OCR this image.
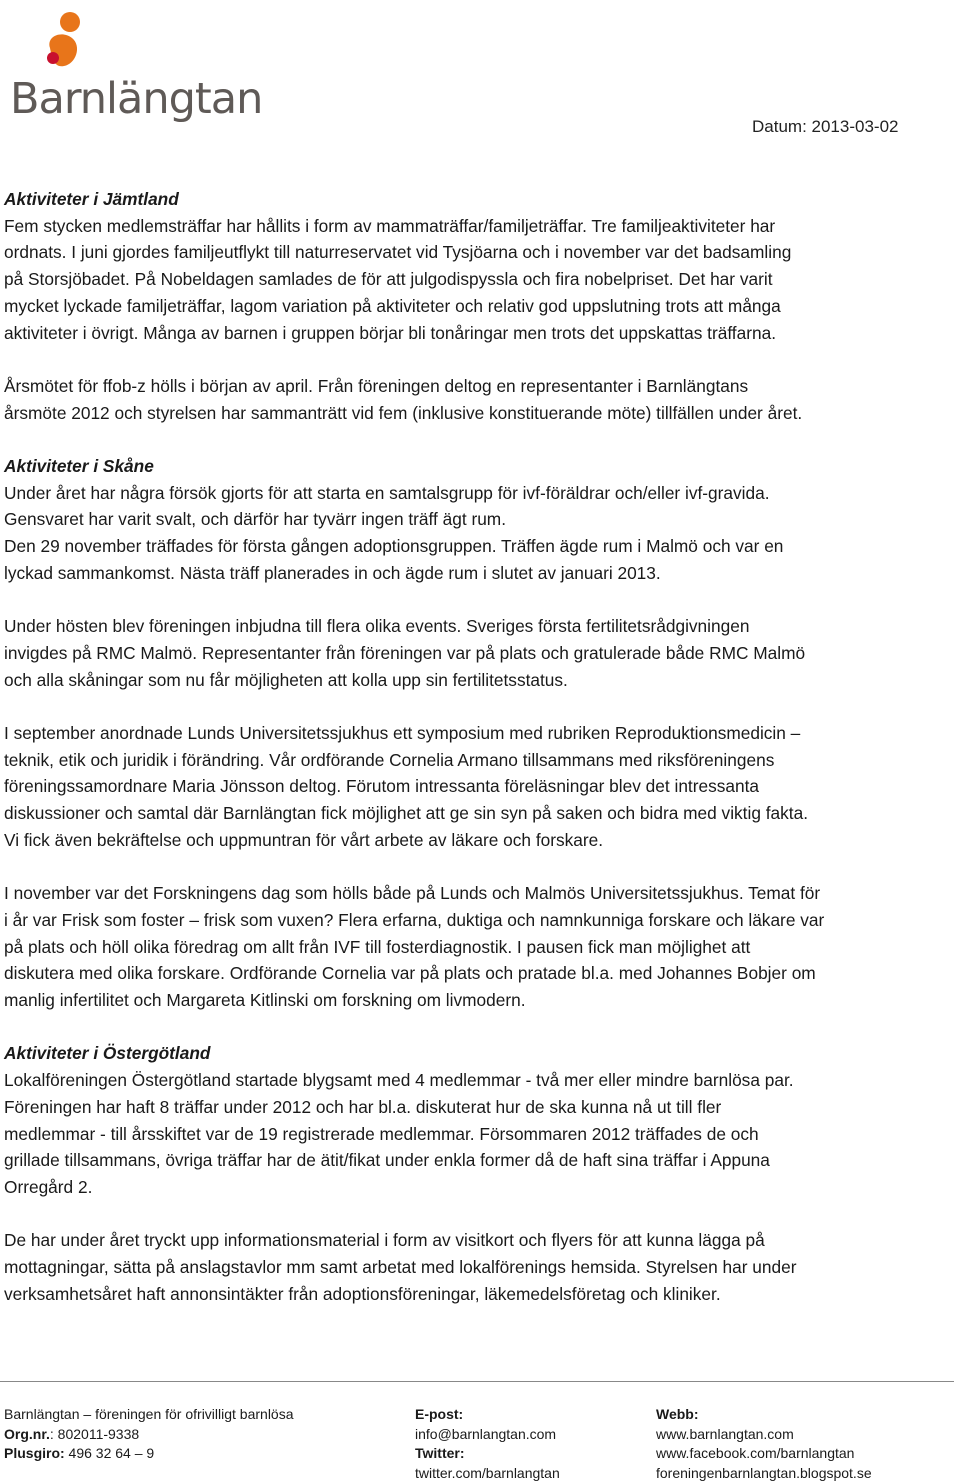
Barnlängtan
Datum: 2013-03-02

Aktiviteter i Jämtland
Fem stycken medlemsträffar har hållits i form av mammaträffar/familjeträffar. Tre familjeaktiviteter har
ordnats. I juni gjordes familjeutflykt till naturreservatet vid Tysjöarna och i november var det badsamling
på Storsjöbadet. På Nobeldagen samlades de för att julgodispyssla och fira nobelpriset. Det har varit
mycket lyckade familjeträffar, lagom variation på aktiviteter och relativ god uppslutning trots att många
aktiviteter i övrigt. Många av barnen i gruppen börjar bli tonåringar men trots det uppskattas träffarna.

Årsmötet för ffob-z hölls i början av april. Från föreningen deltog en representanter i Barnlängtans
årsmöte 2012 och styrelsen har sammanträtt vid fem (inklusive konstituerande möte) tillfällen under året.

Aktiviteter i Skåne
Under året har några försök gjorts för att starta en samtalsgrupp för ivf-föräldrar och/eller ivf-gravida.
Gensvaret har varit svalt, och därför har tyvärr ingen träff ägt rum.
Den 29 november träffades för första gången adoptionsgruppen. Träffen ägde rum i Malmö och var en
lyckad sammankomst. Nästa träff planerades in och ägde rum i slutet av januari 2013.

Under hösten blev föreningen inbjudna till flera olika events. Sveriges första fertilitetsrådgivningen
invigdes på RMC Malmö. Representanter från föreningen var på plats och gratulerade både RMC Malmö
och alla skåningar som nu får möjligheten att kolla upp sin fertilitetsstatus.

I september anordnade Lunds Universitetssjukhus ett symposium med rubriken Reproduktionsmedicin –
teknik, etik och juridik i förändring. Vår ordförande Cornelia Armano tillsammans med riksföreningens
föreningssamordnare Maria Jönsson deltog. Förutom intressanta föreläsningar blev det intressanta
diskussioner och samtal där Barnlängtan fick möjlighet att ge sin syn på saken och bidra med viktig fakta.
Vi fick även bekräftelse och uppmuntran för vårt arbete av läkare och forskare.

I november var det Forskningens dag som hölls både på Lunds och Malmös Universitetssjukhus. Temat för
i år var Frisk som foster – frisk som vuxen? Flera erfarna, duktiga och namnkunniga forskare och läkare var
på plats och höll olika föredrag om allt från IVF till fosterdiagnostik. I pausen fick man möjlighet att
diskutera med olika forskare. Ordförande Cornelia var på plats och pratade bl.a. med Johannes Bobjer om
manlig infertilitet och Margareta Kitlinski om forskning om livmodern.

Aktiviteter i Östergötland
Lokalföreningen Östergötland startade blygsamt med 4 medlemmar - två mer eller mindre barnlösa par.
Föreningen har haft 8 träffar under 2012 och har bl.a. diskuterat hur de ska kunna nå ut till fler
medlemmar - till årsskiftet var de 19 registrerade medlemmar. Försommaren 2012 träffades de och
grillade tillsammans, övriga träffar har de ätit/fikat under enkla former då de haft sina träffar i Appuna
Orregård 2.

De har under året tryckt upp informationsmaterial i form av visitkort och flyers för att kunna lägga på
mottagningar, sätta på anslagstavlor mm samt arbetat med lokalförenings hemsida. Styrelsen har under
verksamhetsåret haft annonsintäkter från adoptionsföreningar, läkemedelsföretag och kliniker.

Barnlängtan – föreningen för ofrivilligt barnlösa
Org.nr.: 802011-9338
Plusgiro: 496 32 64 – 9
E-post:
info@barnlangtan.com
Twitter:
twitter.com/barnlangtan
Webb:
www.barnlangtan.com
www.facebook.com/barnlangtan
foreningenbarnlangtan.blogspot.se
